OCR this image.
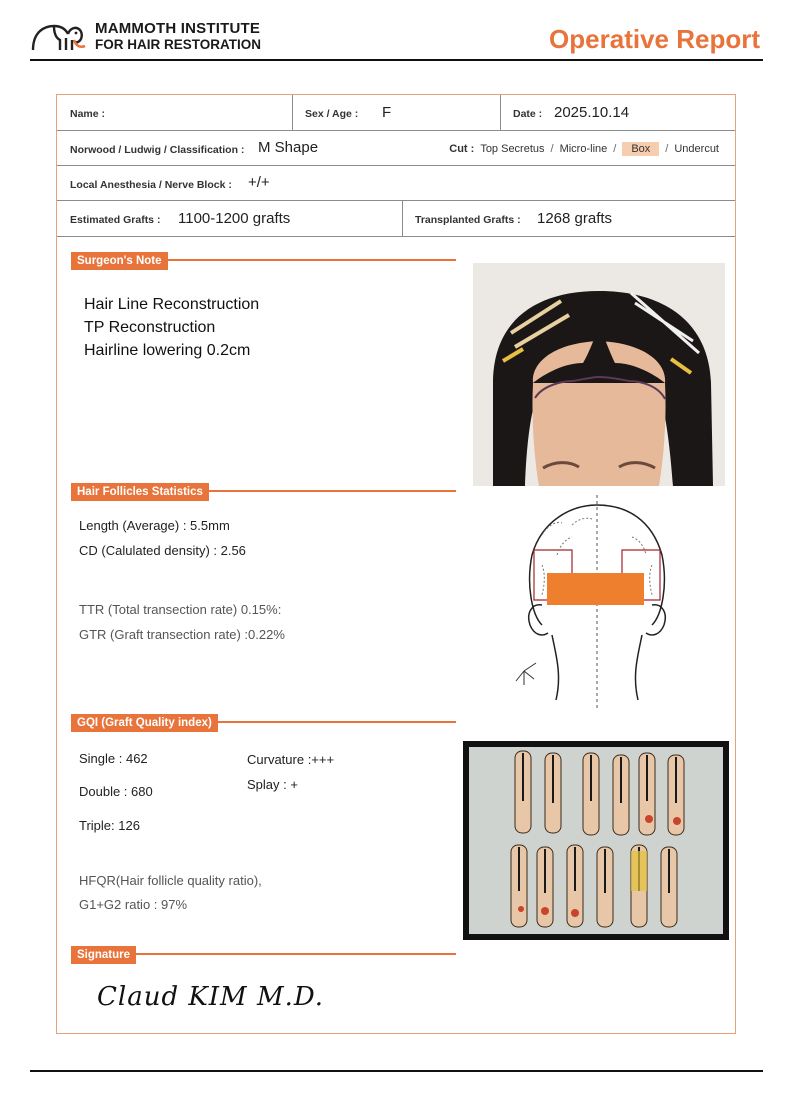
MAMMOTH INSTITUTE
FOR HAIR RESTORATION	Operative Report
Name :	Sex / Age : F	Date : 2025.10.14
Norwood / Ludwig / Classification : M Shape	Cut : Top Secretus / Micro-line /	Box	/ Undercut
Local Anesthesia / Nerve Block : +/+
Estimated Grafts : 1100-1200 grafts	Transplanted Grafts : 1268 grafts
Surgeon's Note
Hair Line Reconstruction
TP Reconstruction
Hairline lowering 0.2cm
Hair Follicles Statistics
Length (Average) : 5.5mm
CD (Calulated density) : 2.56
TTR (Total transection rate) 0.15%:
GTR (Graft transection rate) :0.22%
GQI (Graft Quality index)
Single : 462
Double : 680
Triple: 126
Curvature :+++
Splay : +
HFQR(Hair follicle quality ratio),
G1+G2 ratio : 97%
Signature
Claud KIM M.D.
